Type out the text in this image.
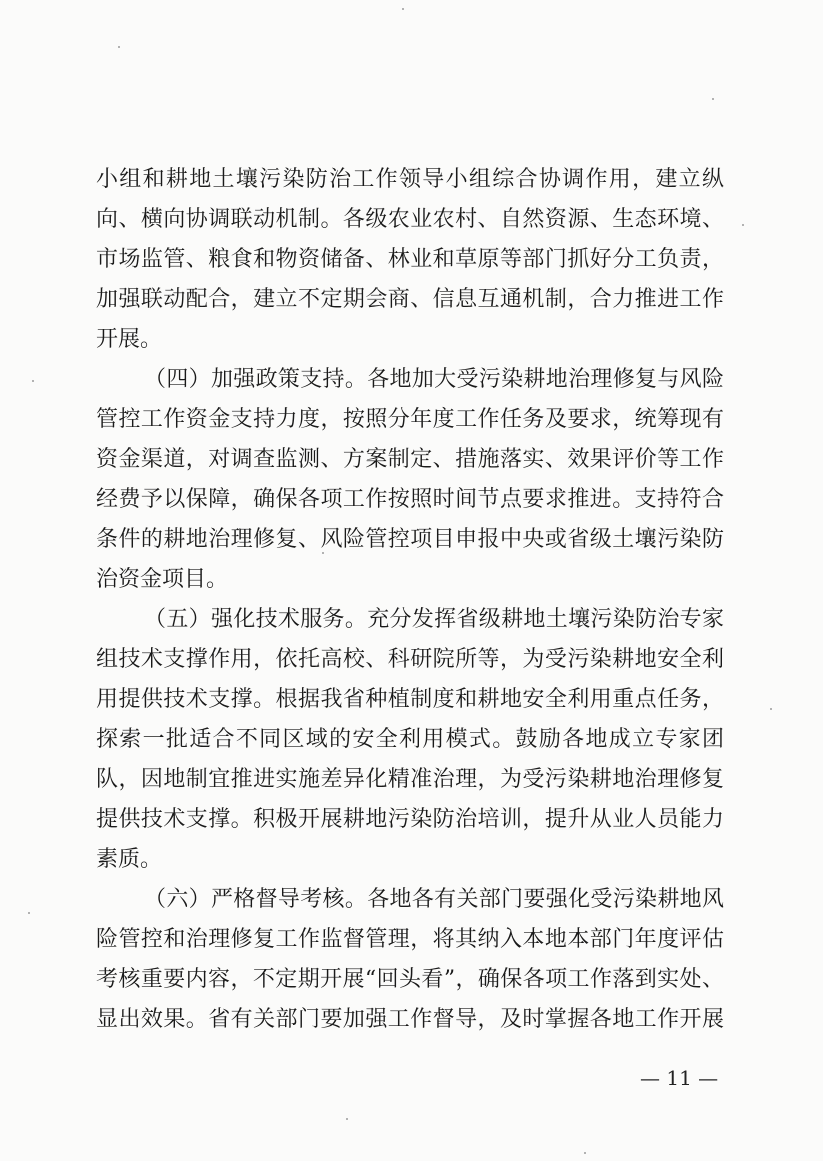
小组和耕地土壤污染防治工作领导小组综合协调作用，建立纵
向、横向协调联动机制。各级农业农村、自然资源、生态环境、
市场监管、粮食和物资储备、林业和草原等部门抓好分工负责，
加强联动配合，建立不定期会商、信息互通机制，合力推进工作
开展。
（四）加强政策支持。各地加大受污染耕地治理修复与风险
管控工作资金支持力度，按照分年度工作任务及要求，统筹现有
资金渠道，对调查监测、方案制定、措施落实、效果评价等工作
经费予以保障，确保各项工作按照时间节点要求推进。支持符合
条件的耕地治理修复、风险管控项目申报中央或省级土壤污染防
治资金项目。
（五）强化技术服务。充分发挥省级耕地土壤污染防治专家
组技术支撑作用，依托高校、科研院所等，为受污染耕地安全利
用提供技术支撑。根据我省种植制度和耕地安全利用重点任务，
探索一批适合不同区域的安全利用模式。鼓励各地成立专家团
队，因地制宜推进实施差异化精准治理，为受污染耕地治理修复
提供技术支撑。积极开展耕地污染防治培训，提升从业人员能力
素质。
（六）严格督导考核。各地各有关部门要强化受污染耕地风
险管控和治理修复工作监督管理，将其纳入本地本部门年度评估
考核重要内容，不定期开展“回头看”，确保各项工作落到实处、
显出效果。省有关部门要加强工作督导，及时掌握各地工作开展
— 11 —
